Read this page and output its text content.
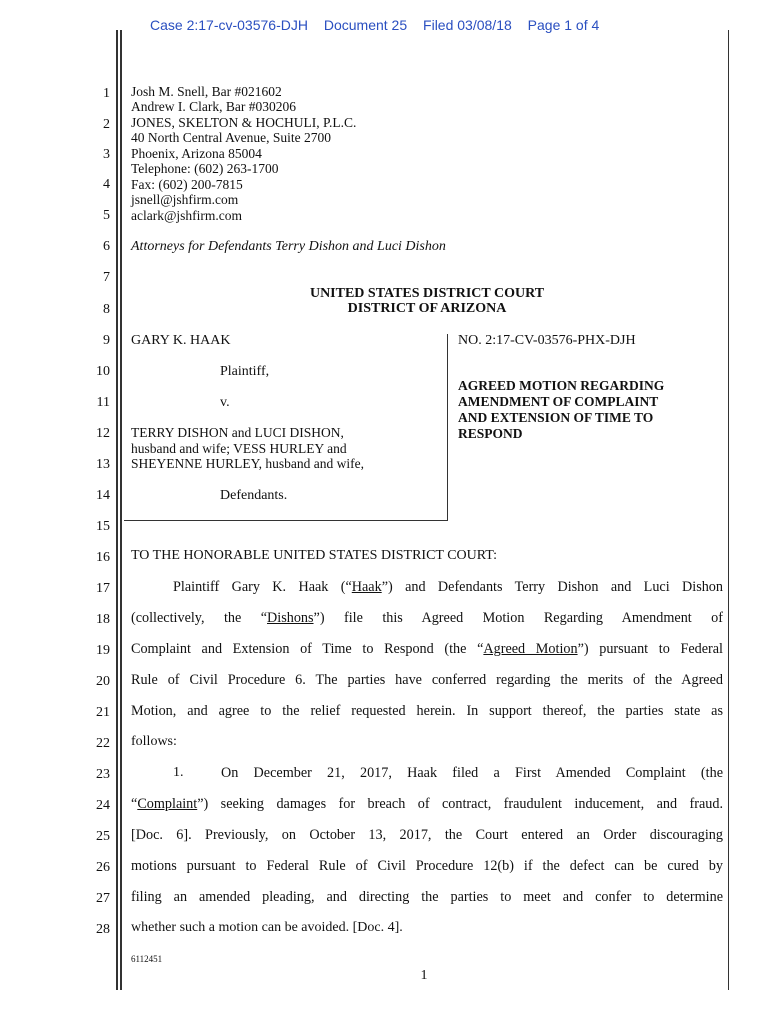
Case 2:17-cv-03576-DJH Document 25 Filed 03/08/18 Page 1 of 4
1
2
3
4
5
6
7
8
9
10
11
12
13
14
15
16
17
18
19
20
21
22
23
24
25
26
27
28
Josh M. Snell, Bar #021602
Andrew I. Clark, Bar #030206
JONES, SKELTON & HOCHULI, P.L.C.
40 North Central Avenue, Suite 2700
Phoenix, Arizona 85004
Telephone: (602) 263-1700
Fax: (602) 200-7815
jsnell@jshfirm.com
aclark@jshfirm.com
Attorneys for Defendants Terry Dishon and Luci Dishon
UNITED STATES DISTRICT COURT
DISTRICT OF ARIZONA
GARY K. HAAK
Plaintiff,
v.
TERRY DISHON and LUCI DISHON,
husband and wife; VESS HURLEY and
SHEYENNE HURLEY, husband and wife,
Defendants.
NO. 2:17-CV-03576-PHX-DJH
AGREED MOTION REGARDING
AMENDMENT OF COMPLAINT
AND EXTENSION OF TIME TO
RESPOND
TO THE HONORABLE UNITED STATES DISTRICT COURT:
Plaintiff Gary K. Haak (“Haak”) and Defendants Terry Dishon and Luci Dishon
(collectively, the “Dishons”) file this Agreed Motion Regarding Amendment of
Complaint and Extension of Time to Respond (the “Agreed Motion”) pursuant to Federal
Rule of Civil Procedure 6. The parties have conferred regarding the merits of the Agreed
Motion, and agree to the relief requested herein. In support thereof, the parties state as
follows:
1.	On December 21, 2017, Haak filed a First Amended Complaint (the
“Complaint”) seeking damages for breach of contract, fraudulent inducement, and fraud.
[Doc. 6]. Previously, on October 13, 2017, the Court entered an Order discouraging
motions pursuant to Federal Rule of Civil Procedure 12(b) if the defect can be cured by
filing an amended pleading, and directing the parties to meet and confer to determine
whether such a motion can be avoided. [Doc. 4].
6112451
1
